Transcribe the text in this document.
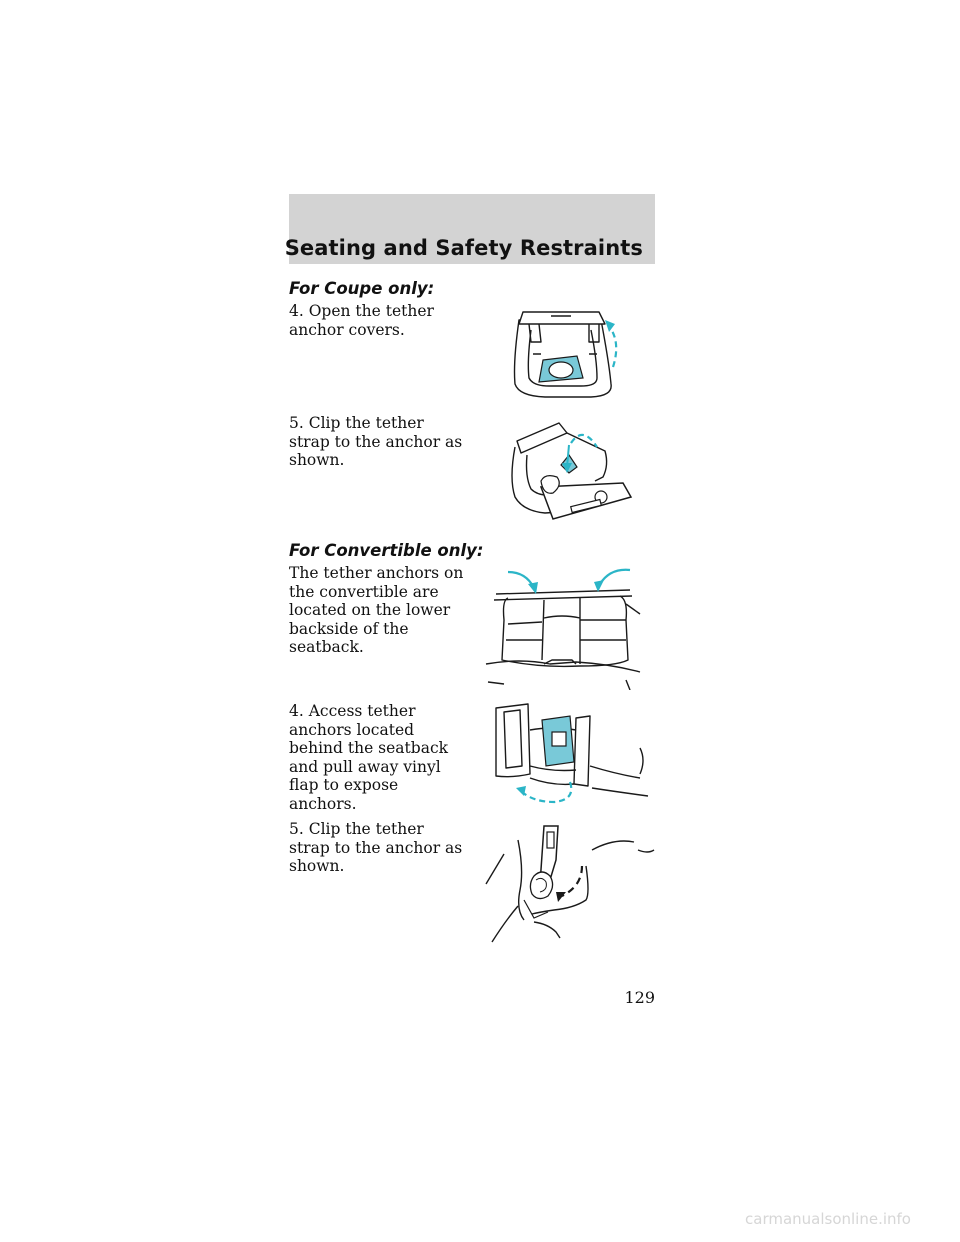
Seating and Safety Restraints
For Coupe only:

4. Open the tether anchor covers.

5. Clip the tether strap to the anchor as shown.

For Convertible only:

The tether anchors on the convertible are located on the lower backside of the seatback.

4. Access tether anchors located behind the seatback and pull away vinyl flap to expose anchors.

5. Clip the tether strap to the anchor as shown.

129

carmanualsonline.info
